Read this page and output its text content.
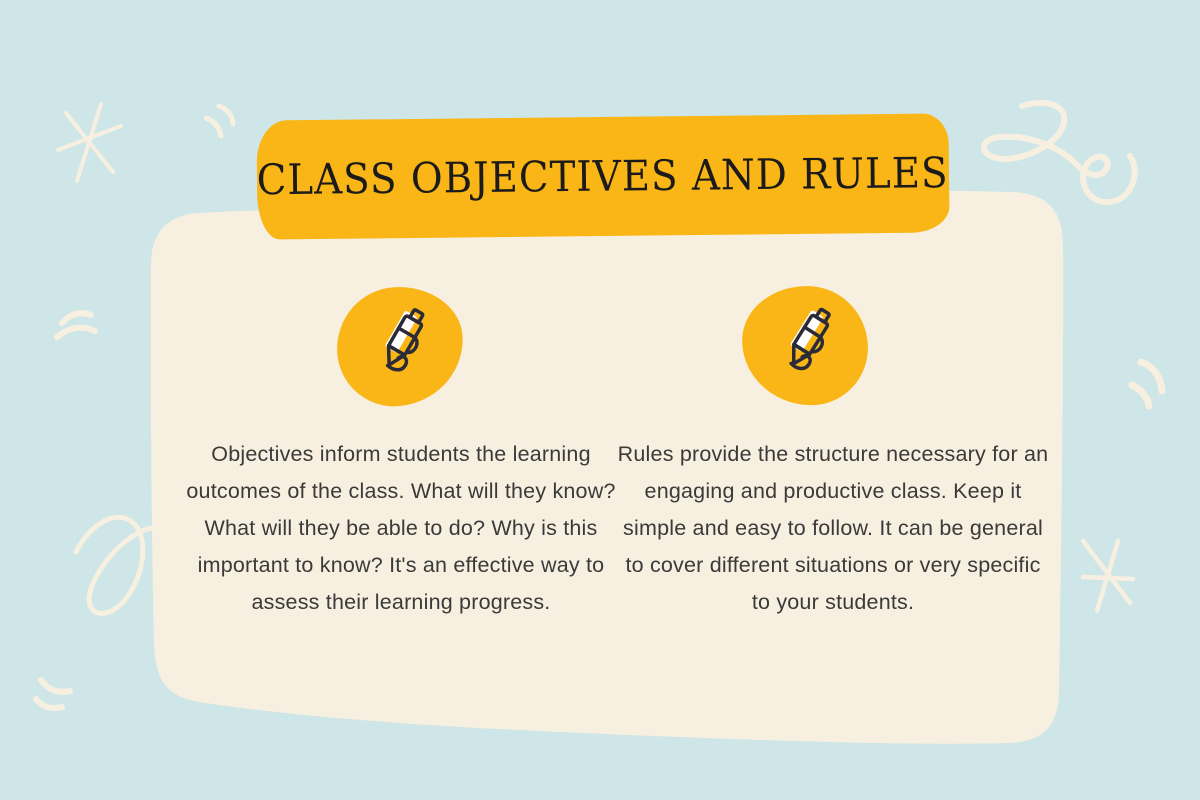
CLASS OBJECTIVES AND RULES

Objectives inform students the learning outcomes of the class. What will they know? What will they be able to do? Why is this important to know? It's an effective way to assess their learning progress.

Rules provide the structure necessary for an engaging and productive class. Keep it simple and easy to follow. It can be general to cover different situations or very specific to your students.
